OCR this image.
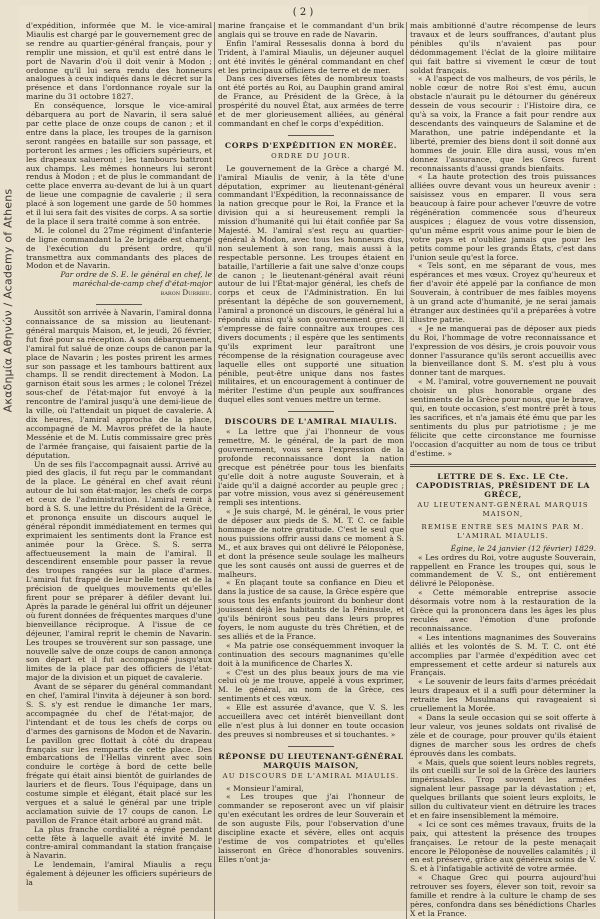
Ακαδημία Αθηνών / Academy of Athens
( 2 )

d'expédition, informée que M. le vice-amiral Miaulis est chargé par le gouvernement grec de se rendre au quartier-général français, pour y remplir une mission, et qu'il est entré dans le port de Navarin d'où il doit venir à Modon ; ordonne qu'il lui sera rendu des honneurs analogues à ceux indiqués dans le décret sur la présence et dans l'ordonnance royale sur la marine du 31 octobre 1827.

En conséquence, lorsque le vice-amiral débarquera au port de Navarin, il sera salué par cette place de onze coups de canon ; et il entre dans la place, les troupes de la garnison seront rangées en bataille sur son passage, et porteront les armes ; les officiers supérieurs, et les drapeaux salueront ; les tambours battront aux champs. Les mêmes honneurs lui seront rendus à Modon ; et de plus le commandant de cette place enverra au-devant de lui à un quart de lieue une compagnie de cavalerie ; il sera placé à son logement une garde de 50 hommes et il lui sera fait des visites de corps. A sa sortie de la place il sera traité comme à son entrée.

M. le colonel du 27me régiment d'infanterie de ligne commandant la 2e brigade est chargé de l'exécution du présent ordre, qu'il transmettra aux commandants des places de Modon et de Navarin.

Par ordre de S. E. le général en chef, le maréchal-de-camp chef d'état-major

baron Durrieu.

Aussitôt son arrivée à Navarin, l'amiral donna connaissance de sa mission au lieutenant-général marquis Maison, et, le jeudi, 26 février, fut fixé pour sa réception. A son débarquement, l'amiral fut salué de onze coups de canon par la place de Navarin ; les postes prirent les armes sur son passage et les tambours battirent aux champs. Il se rendit directement à Modon. La garnison était sous les armes ; le colonel Trézel sous-chef de l'état-major fut envoyé à la rencontre de l'amiral jusqu'à une demi-lieue de la ville, où l'attendait un piquet de cavalerie. A dix heures, l'amiral approcha de la place, accompagné de M. Mavros préfet de la haute Messénie et de M. Lutis commissaire grec près de l'armée française, qui faisaient partie de la députation.

Un de ses fils l'accompagnait aussi. Arrivé au pied des glacis, il fut reçu par le commandant de la place. Le général en chef avait réuni autour de lui son état-major, les chefs de corps et ceux de l'administration. L'amiral remit à bord à S. S. une lettre du Président de la Grèce, et prononça ensuite un discours auquel le général répondit immédiatement en termes qui exprimaient les sentiments dont la France est animée pour la Grèce. S. S. serra affectueusement la main de l'amiral. Il descendirent ensemble pour passer la revue des troupes rangées sur la place d'armes. L'amiral fut frappé de leur belle tenue et de la précision de quelques mouvements qu'elles firent pour se préparer à défiler devant lui. Après la parade le général lui offrit un déjeuner où furent données de fréquentes marques d'une bienveillance réciproque. A l'issue de ce déjeuner, l'amiral reprit le chemin de Navarin. Les troupes se trouvèrent sur son passage, une nouvelle salve de onze coups de canon annonça son départ et il fut accompagné jusqu'aux limites de la place par des officiers de l'état-major de la division et un piquet de cavalerie.

Avant de se séparer du général commandant en chef, l'amiral l'invita à déjeuner à son bord. S. S. s'y est rendue le dimanche 1er mars, accompagnée du chef de l'état-major, de l'intendant et de tous les chefs de corps ou d'armes des garnisons de Modon et de Navarin. Le pavillon grec flottait à côté du drapeau français sur les remparts de cette place. Des embarcations de l'Hellas vinrent avec soin conduire le cortège à bord de cette belle frégate qui était ainsi bientôt de guirlandes de lauriers et de fleurs. Tous l'équipage, dans un costume simple et élégant, était placé sur les vergues et a salué le général par une triple acclamation suivie de 17 coups de canon. Le pavillon de France était arboré au grand mât.

La plus franche cordialité a régné pendant cette fête à laquelle avait été invité M. le contre-amiral commandant la station française à Navarin.

Le lendemain, l'amiral Miaulis a reçu également à déjeuner les officiers supérieurs de la

marine française et le commandant d'un brik anglais qui se trouve en rade de Navarin.

Enfin l'amiral Ressesalis donna à bord du Trident, à l'amiral Miaulis, un déjeuner auquel ont été invités le général commandant en chef et les principaux officiers de terre et de mer.

Dans ces diverses fêtes de nombreux toasts ont été portés au Roi, au Dauphin grand amiral de France, au Président de la Grèce, à la prospérité du nouvel État, aux armées de terre et de mer glorieusement alliées, au général commandant en chef le corps d'expédition.

CORPS D'EXPÉDITION EN MORÉE.
ORDRE DU JOUR.

Le gouvernement de la Grèce a chargé M. l'amiral Miaulis de venir, à la tête d'une députation, exprimer au lieutenant-général commandant l'Expédition, la reconnaissance de la nation grecque pour le Roi, la France et la division qui a si heureusement rempli la mission d'humanité qui lui était confiée par Sa Majesté. M. l'amiral s'est reçu au quartier-général à Modon, avec tous les honneurs dus, non seulement à son rang, mais aussi à la respectable personne. Les troupes étaient en bataille, l'artillerie a fait une salve d'onze coups de canon ; le lieutenant-général avait réuni autour de lui l'État-major général, les chefs de corps et ceux de l'Administration. En lui présentant la dépêche de son gouvernement, l'amiral a prononcé un discours, le général lui a répondu ainsi qu'à son gouvernement grec. Il s'empresse de faire connaître aux troupes ces divers documents ; il espère que les sentiments qu'ils expriment leur paraîtront une récompense de la résignation courageuse avec laquelle elles ont supporté une situation pénible, peut-être unique dans nos fastes militaires, et un encouragement à continuer de mériter l'estime d'un peuple aux souffrances duquel elles sont venues mettre un terme.

DISCOURS DE L'AMIRAL MIAULIS.

« La lettre que j'ai l'honneur de vous remettre, M. le général, de la part de mon gouvernement, vous sera l'expression de la profonde reconnaissance dont la nation grecque est pénétrée pour tous les bienfaits qu'elle doit à notre auguste Souverain, et à l'aide qu'il a daigné accorder au peuple grec ; par votre mission, vous avez si généreusement rempli ses intentions.

« Je suis chargé, M. le général, le vous prier de déposer aux pieds de S. M. T. C. ce faible hommage de notre gratitude. C'est le seul que nous puissions offrir aussi dans ce moment à S. M., et aux braves qui ont délivré le Péloponèse, et dont la présence seule soulage les malheurs que les sont causés ont aussi de guerres et de malheurs.

« En plaçant toute sa confiance en Dieu et dans la justice de sa cause, la Grèce espère que sous tous les enfants jouiront du bonheur dont jouissent déjà les habitants de la Péninsule, et qu'ils béniront sous peu dans leurs propres foyers, le nom auguste du très Chrétien, et de ses alliés et de la France.

« Ma patrie ose conséquemment invoquer la continuation des secours magnanimes qu'elle doit à la munificence de Charles X.

« C'est un des plus beaux jours de ma vie celui où je me trouve, appelé à vous exprimer, M. le général, au nom de la Grèce, ces sentiments et ces vœux.

« Elle est assurée d'avance, que V. S. les accueillera avec cet intérêt bienveillant dont elle n'est plus à lui donner en toute occasion des preuves si nombreuses et si touchantes. »

RÉPONSE DU LIEUTENANT-GÉNÉRAL MARQUIS MAISON,
AU DISCOURS DE L'AMIRAL MIAULIS.

« Monsieur l'amiral,

« Les troupes que j'ai l'honneur de commander se reposeront avec un vif plaisir qu'en exécutant les ordres de leur Souverain et de son auguste Fils, pour l'observation d'une discipline exacte et sévère, elles ont acquis l'estime de vos compatriotes et qu'elles laisseront en Grèce d'honorables souvenirs. Elles n'ont ja-

mais ambitionné d'autre récompense de leurs travaux et de leurs souffrances, d'autant plus pénibles qu'ils n'avaient pas pour dédommagement l'éclat de la gloire militaire qui fait battre si vivement le cœur de tout soldat français.

« A l'aspect de vos malheurs, de vos périls, le noble cœur de notre Roi s'est ému, aucun obstacle n'aurait pu le détourner du généreux dessein de vous secourir : l'Histoire dira, ce qu'à sa voix, la France a fait pour rendre aux descendants des vainqueurs de Salamine et de Marathon, une patrie indépendante et la liberté, premier des biens dont il soit donné aux hommes de jouir. Elle dira aussi, vous m'en donnez l'assurance, que les Grecs furent reconnaissants d'aussi grands bienfaits.

« La haute protection des trois puissances alliées ouvre devant vous un heureux avenir : saisissez vous en emparer. Il vous sera beaucoup à faire pour achever l'œuvre de votre régénération commencée sous d'heureux auspices ; élaguez de vous votre dissension, qu'un même esprit vous anime pour le bien de votre pays et n'oubliez jamais que pour les petits comme pour les grands États, c'est dans l'union seule qu'est la force.

« Tels sont, en me séparant de vous, mes espérances et mes vœux. Croyez qu'heureux et fier d'avoir été appelé par la confiance de mon Souverain, à contribuer de mes faibles moyens à un grand acte d'humanité, je ne serai jamais étranger aux destinées qu'il a préparées à votre illustre patrie.

« Je ne manquerai pas de déposer aux pieds du Roi, l'hommage de votre reconnaissance et l'expression de vos désirs, je crois pouvoir vous donner l'assurance qu'ils seront accueillis avec la bienveillance dont S. M. s'est plu à vous donner tant de marques.

« M. l'amiral, votre gouvernement ne pouvait choisir un plus honorable organe des sentiments de la Grèce pour nous, que le brave, qui, en toute occasion, s'est montré prêt à tous les sacrifices, et n'a jamais été ému que par les sentiments du plus pur patriotisme ; je me félicite que cette circonstance me fournisse l'occasion d'acquitter au nom de tous ce tribut d'estime. »

LETTRE DE S. Exc. LE Cte. CAPODISTRIAS, PRÉSIDENT DE LA GRÈCE,
AU LIEUTENANT-GÉNÉRAL MARQUIS MAISON,
REMISE ENTRE SES MAINS PAR M. L'AMIRAL MIAULIS.

Égine, le 24 janvier (12 février) 1829.

« Les ordres du Roi, votre auguste Souverain, rappellent en France les troupes qui, sous le commandement de V. S., ont entièrement délivré le Péloponèse.

« Cette mémorable entreprise associe désormais votre nom à la restauration de la Grèce qui la prononcera dans les âges les plus reculés avec l'émotion d'une profonde reconnaissance.

« Les intentions magnanimes des Souverains alliés et les volontés de S. M. T. C. ont été accomplies par l'armée d'expédition avec cet empressement et cette ardeur si naturels aux Français.

« Le souvenir de leurs faits d'armes précédait leurs drapeaux et il a suffi pour déterminer la retraite les Musulmans qui ravageaient si cruellement la Morée.

« Dans la seule occasion qui se soit offerte à leur valeur, vos jeunes soldats ont rivalisé de zèle et de courage, pour prouver qu'ils étaient dignes de marcher sous les ordres de chefs éprouvés dans les combats.

« Mais, quels que soient leurs nobles regrets, ils ont cueilli sur le sol de la Grèce des lauriers impérissables. Trop souvent les armées signalent leur passage par la dévastation ; et, quelques brillants que soient leurs exploits, le sillon du cultivateur vient en détruire les traces et en faire insensiblement la mémoire.

« Ici ce sont ces mêmes travaux, fruits de la paix, qui attestent la présence des troupes françaises. Le retour de la peste menaçait encore le Péloponèse de nouvelles calamités ; il en est préservé, grâce aux généreux soins de V. S. et à l'infatigable activité de votre armée.

« Chaque Grec qui pourra aujourd'hui retrouver ses foyers, élever son toit, revoir sa famille et rendre à la culture le champ de ses pères, confondra dans ses bénédictions Charles X et la France.
